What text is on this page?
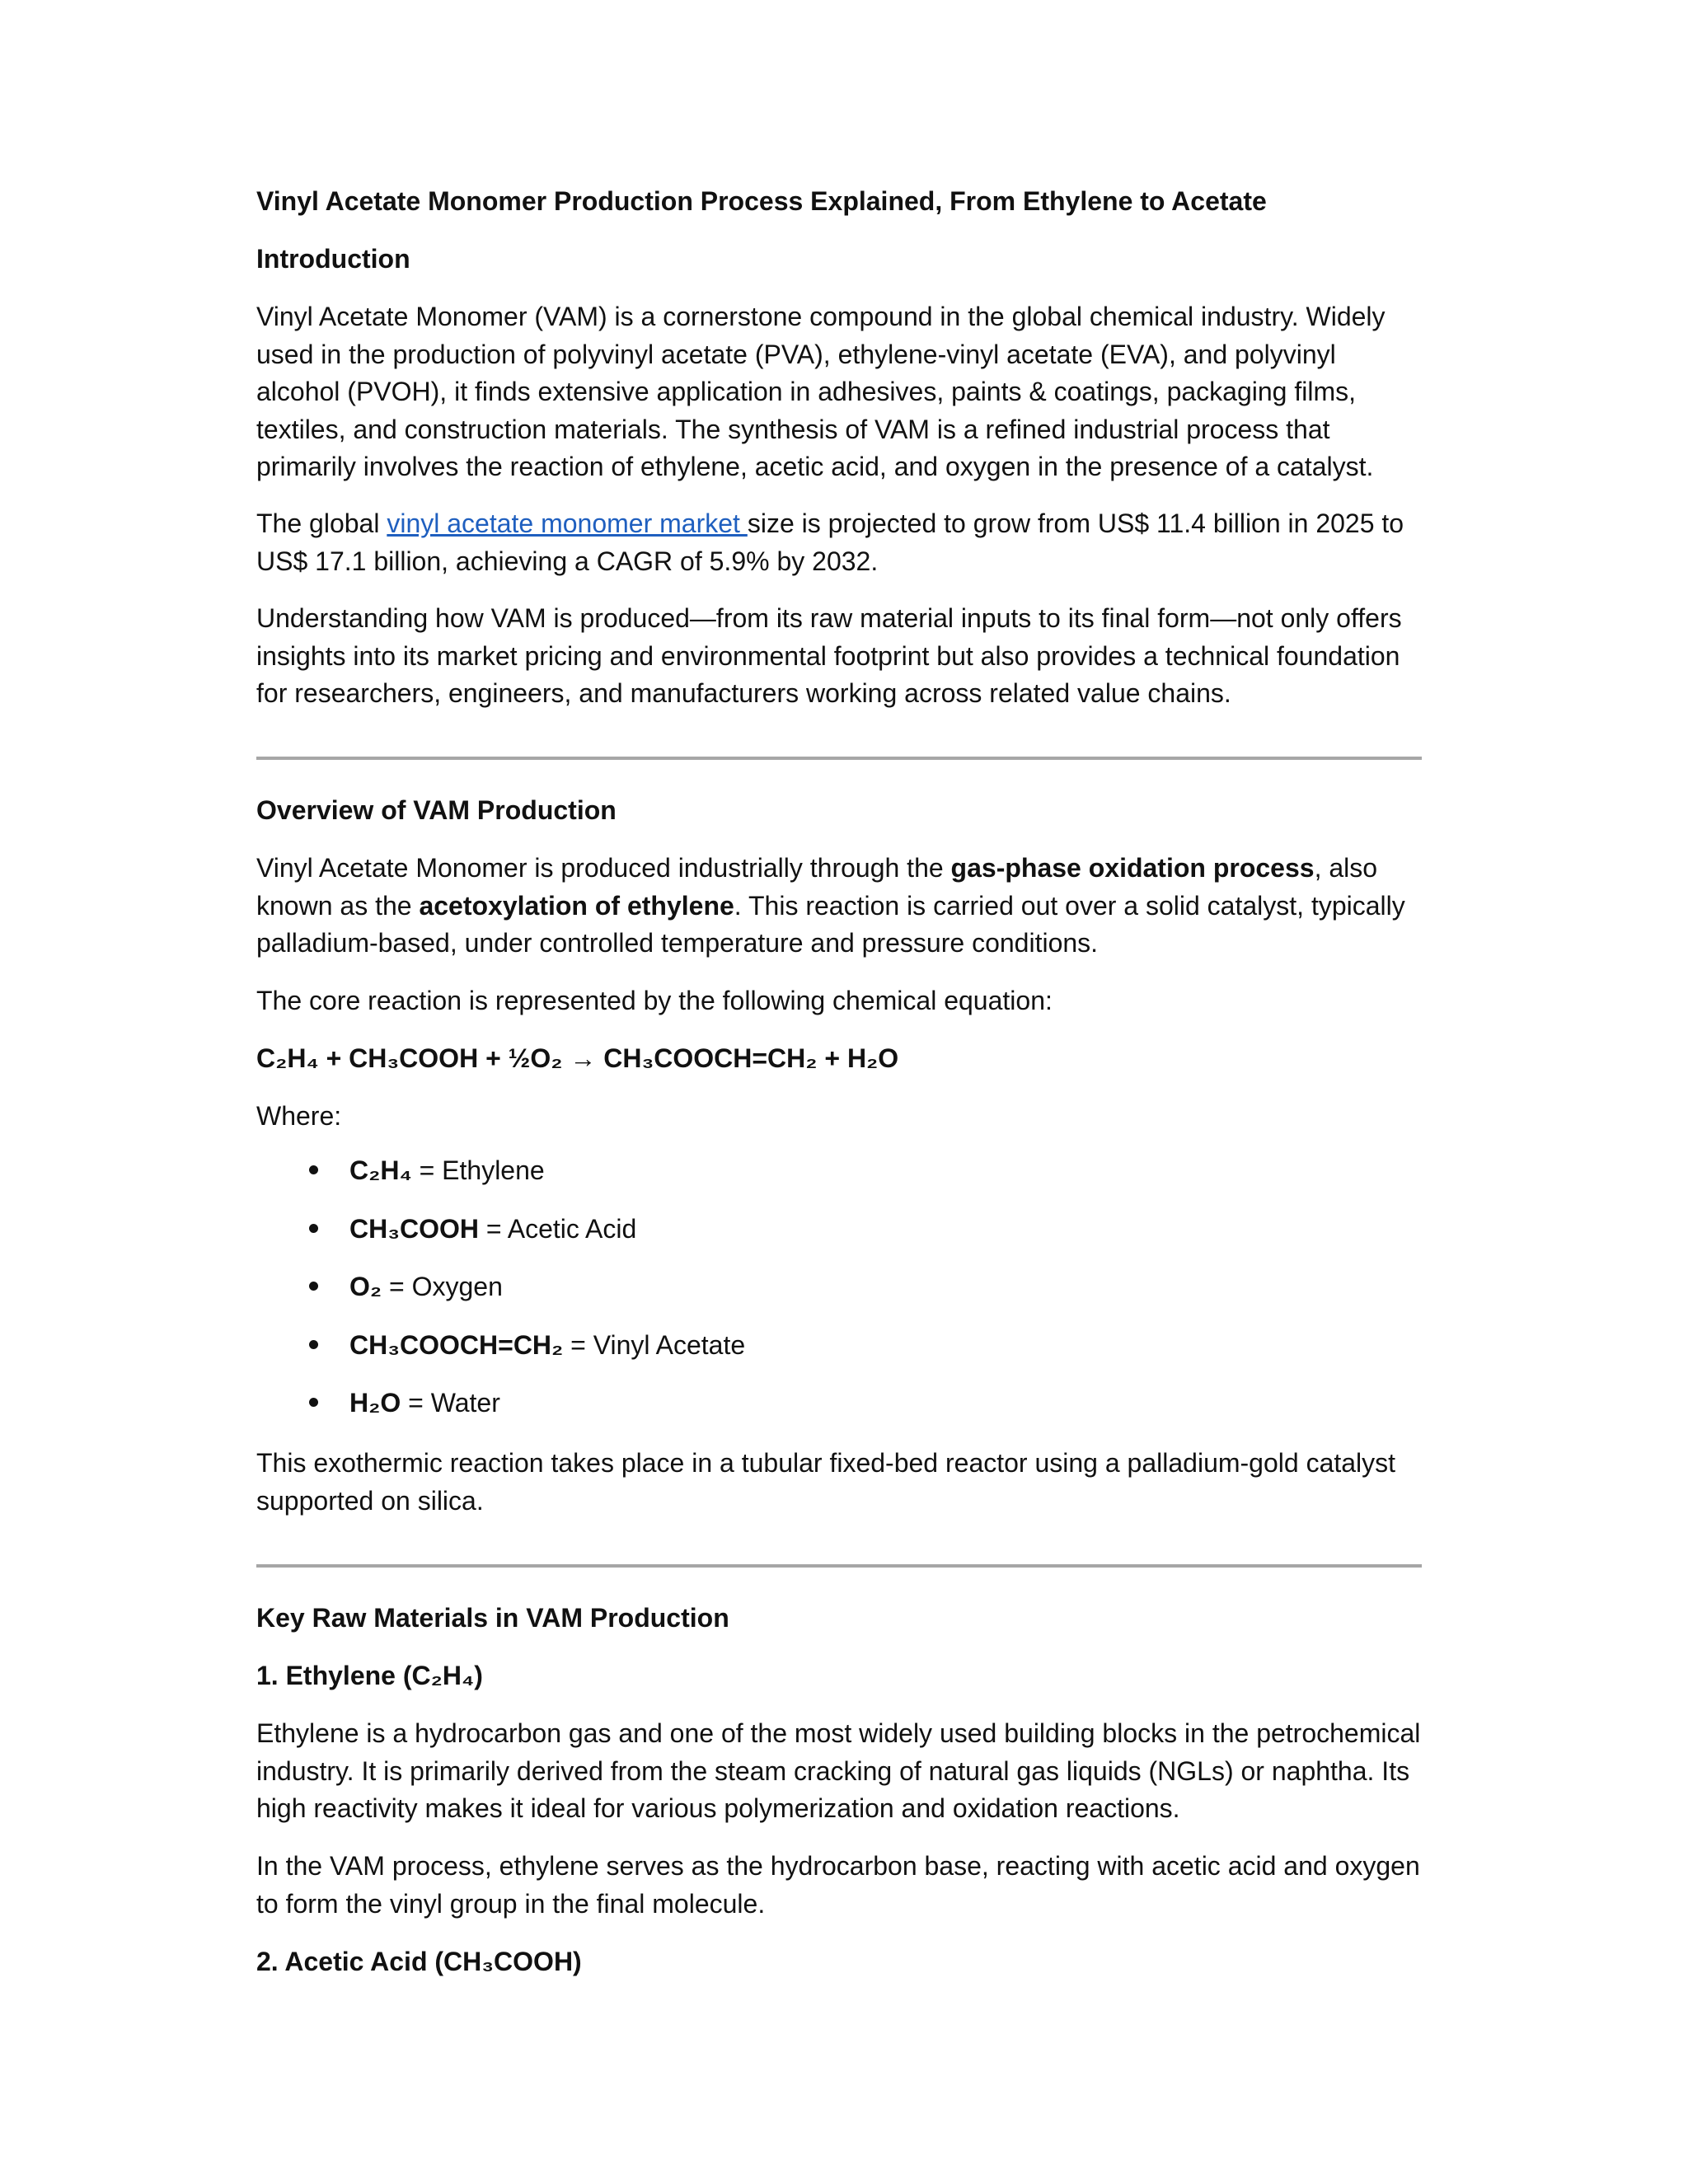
Vinyl Acetate Monomer Production Process Explained, From Ethylene to Acetate

Introduction

Vinyl Acetate Monomer (VAM) is a cornerstone compound in the global chemical industry. Widely used in the production of polyvinyl acetate (PVA), ethylene-vinyl acetate (EVA), and polyvinyl alcohol (PVOH), it finds extensive application in adhesives, paints & coatings, packaging films, textiles, and construction materials. The synthesis of VAM is a refined industrial process that primarily involves the reaction of ethylene, acetic acid, and oxygen in the presence of a catalyst.

The global vinyl acetate monomer market size is projected to grow from US$ 11.4 billion in 2025 to US$ 17.1 billion, achieving a CAGR of 5.9% by 2032.

Understanding how VAM is produced—from its raw material inputs to its final form—not only offers insights into its market pricing and environmental footprint but also provides a technical foundation for researchers, engineers, and manufacturers working across related value chains.

Overview of VAM Production

Vinyl Acetate Monomer is produced industrially through the gas-phase oxidation process, also known as the acetoxylation of ethylene. This reaction is carried out over a solid catalyst, typically palladium-based, under controlled temperature and pressure conditions.

The core reaction is represented by the following chemical equation:

C₂H₄ + CH₃COOH + ½O₂ → CH₃COOCH=CH₂ + H₂O

Where:

C₂H₄ = Ethylene
CH₃COOH = Acetic Acid
O₂ = Oxygen
CH₃COOCH=CH₂ = Vinyl Acetate
H₂O = Water

This exothermic reaction takes place in a tubular fixed-bed reactor using a palladium-gold catalyst supported on silica.

Key Raw Materials in VAM Production

1. Ethylene (C₂H₄)

Ethylene is a hydrocarbon gas and one of the most widely used building blocks in the petrochemical industry. It is primarily derived from the steam cracking of natural gas liquids (NGLs) or naphtha. Its high reactivity makes it ideal for various polymerization and oxidation reactions.

In the VAM process, ethylene serves as the hydrocarbon base, reacting with acetic acid and oxygen to form the vinyl group in the final molecule.

2. Acetic Acid (CH₃COOH)
